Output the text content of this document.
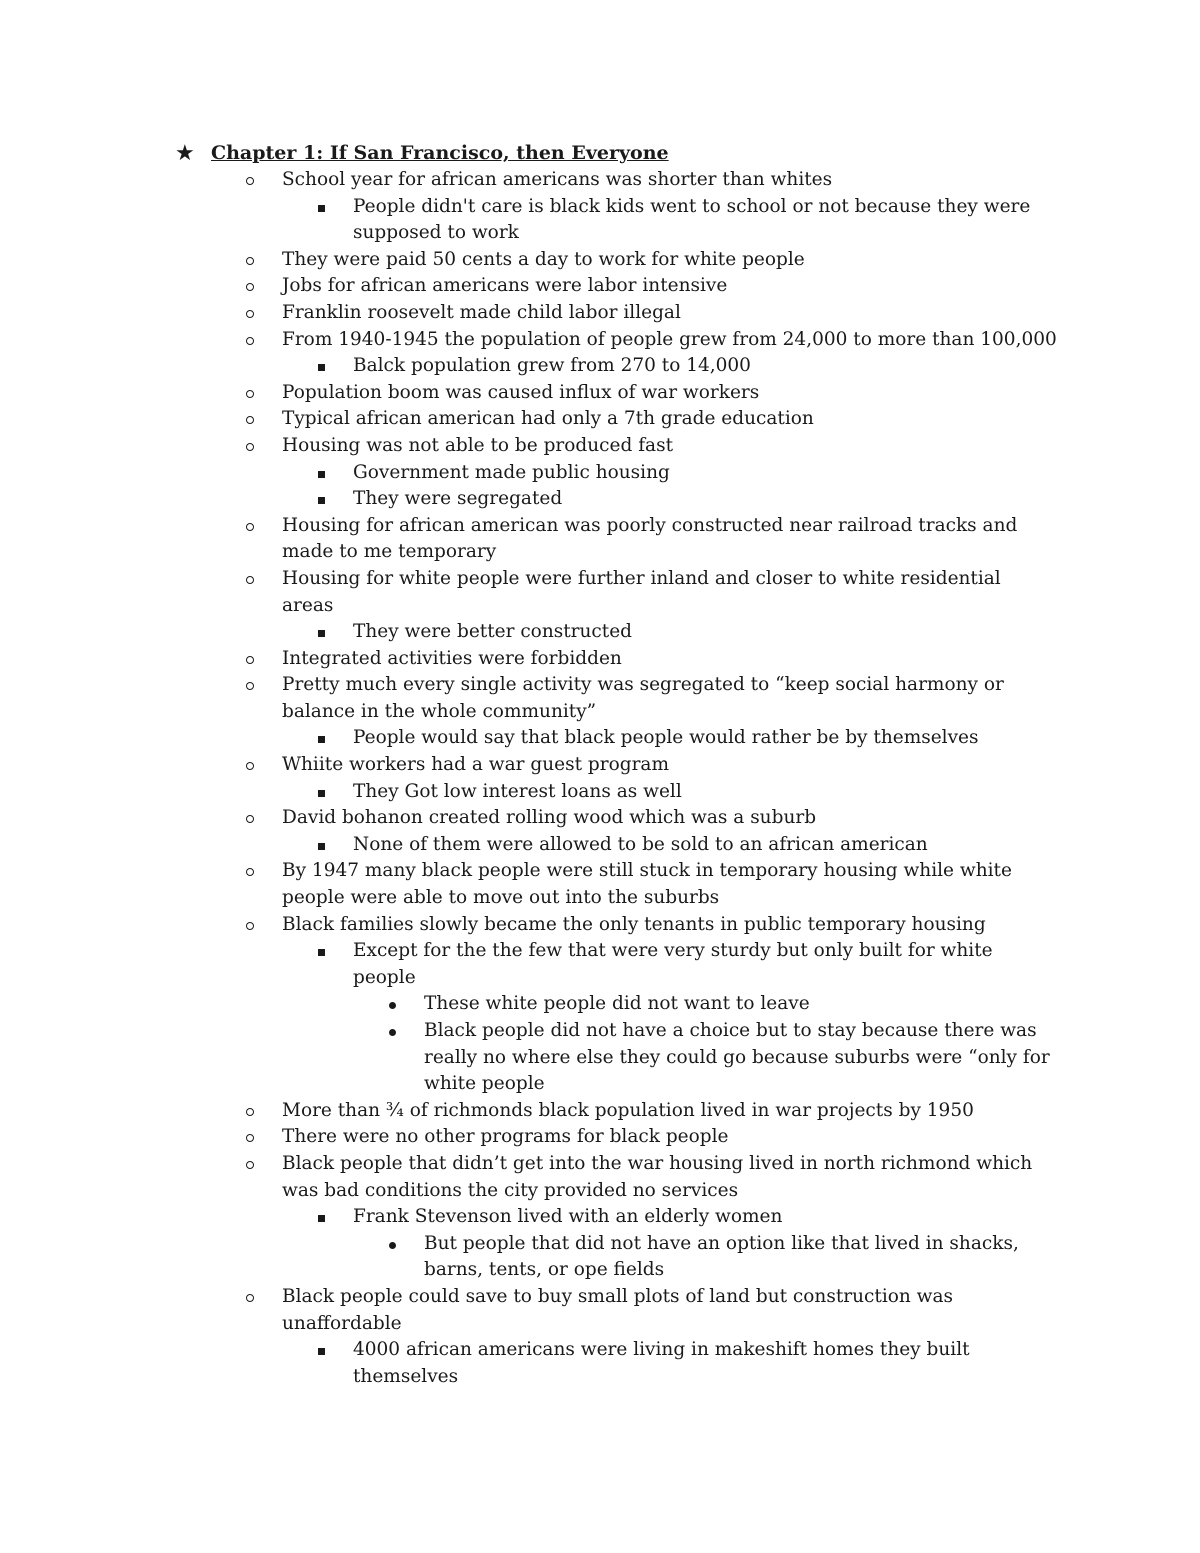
★ Chapter 1: If San Francisco, then Everyone
School year for african americans was shorter than whites
People didn't care is black kids went to school or not because they were supposed to work
They were paid 50 cents a day to work for white people
Jobs for african americans were labor intensive
Franklin roosevelt made child labor illegal
From 1940-1945 the population of people grew from 24,000 to more than 100,000
Balck population grew from 270 to 14,000
Population boom was caused influx of war workers
Typical african american had only a 7th grade education
Housing was not able to be produced fast
Government made public housing
They were segregated
Housing for african american was poorly constructed near railroad tracks and made to me temporary
Housing for white people were further inland and closer to white residential areas
They were better constructed
Integrated activities were forbidden
Pretty much every single activity was segregated to “keep social harmony or balance in the whole community”
People would say that black people would rather be by themselves
Whiite workers had a war guest program
They Got low interest loans as well
David bohanon created rolling wood which was a suburb
None of them were allowed to be sold to an african american
By 1947 many black people were still stuck in temporary housing while white people were able to move out into the suburbs
Black families slowly became the only tenants in public temporary housing
Except for the the few that were very sturdy but only built for white people
These white people did not want to leave
Black people did not have a choice but to stay because there was really no where else they could go because suburbs were “only for white people
More than ¾ of richmonds black population lived in war projects by 1950
There were no other programs for black people
Black people that didn’t get into the war housing lived in north richmond which was bad conditions the city provided no services
Frank Stevenson lived with an elderly women
But people that did not have an option like that lived in shacks, barns, tents, or ope fields
Black people could save to buy small plots of land but construction was unaffordable
4000 african americans were living in makeshift homes they built themselves
